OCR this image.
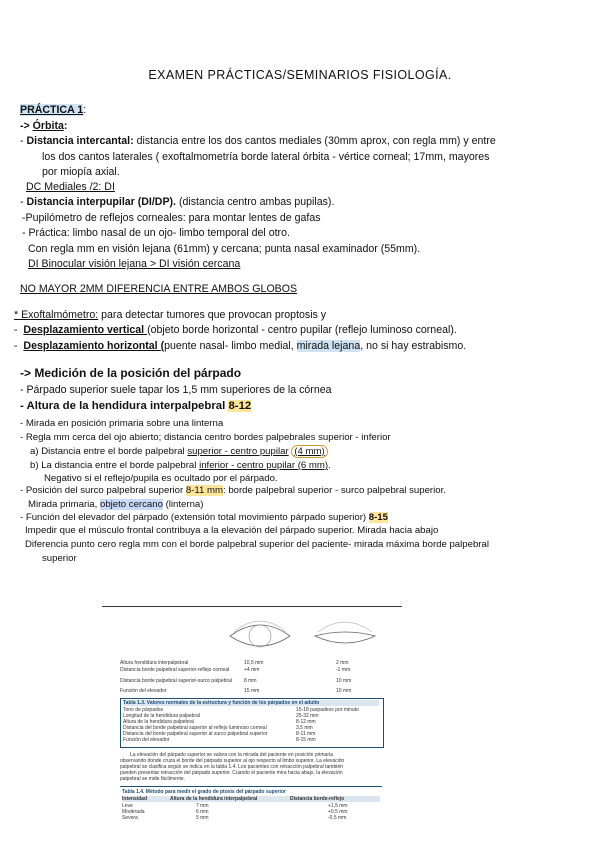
EXAMEN PRÁCTICAS/SEMINARIOS FISIOLOGÍA.
PRÁCTICA 1:
-> Órbita:
- Distancia intercantal: distancia entre los dos cantos mediales (30mm aprox, con regla mm) y entre
los dos cantos laterales ( exoftalmometría borde lateral órbita - vértice corneal; 17mm, mayores
por miopía axial.
DC Mediales /2: DI
- Distancia interpupilar (DI/DP). (distancia centro ambas pupilas).
-Pupilómetro de reflejos corneales: para montar lentes de gafas
- Práctica: limbo nasal de un ojo- limbo temporal del otro.
Con regla mm en visión lejana (61mm) y cercana; punta nasal examinador (55mm).
DI Binocular visión lejana > DI visión cercana
NO MAYOR 2MM DIFERENCIA ENTRE AMBOS GLOBOS
* Exoftalmómetro: para detectar tumores que provocan proptosis y
-  Desplazamiento vertical (objeto borde horizontal - centro pupilar (reflejo luminoso corneal).
-  Desplazamiento horizontal (puente nasal- limbo medial, mirada lejana, no si hay estrabismo.
-> Medición de la posición del párpado
- Párpado superior suele tapar los 1,5 mm superiores de la córnea
- Altura de la hendidura interpalpebral 8-12
- Mirada en posición primaria sobre una linterna
- Regla mm cerca del ojo abierto; distancia centro bordes palpebrales superior - inferior
a) Distancia entre el borde palpebral superior - centro pupilar (4 mm)
b) La distancia entre el borde palpebral inferior - centro pupilar (6 mm).
Negativo si el reflejo/pupila es ocultado por el párpado.
- Posición del surco palpebral superior 8-11 mm: borde palpebral superior - surco palpebral superior.
Mirada primaria, objeto cercano (linterna)
- Función del elevador del párpado (extensión total movimiento párpado superior) 8-15
Impedir que el músculo frontal contribuya a la elevación del párpado superior. Mirada hacia abajo
Diferencia punto cero regla mm con el borde palpebral superior del paciente- mirada máxima borde palpebral
superior
Altura hendidura interpalpebral	10,5 mm	2 mm
Distancia borde palpebral superior-reflejo corneal	+4 mm	-1 mm
Distancia borde palpebral superior-surco palpebral 8 mm	10 mm
Función del elevador	15 mm	10 mm
Tabla 1.3. Valores normales de la estructura y función de los párpados en el adulto
Tono de párpados	15-18 parpadeos por minuto
Longitud de la hendidura palpebral	25-32 mm
Altura de la hendidura palpebral	8-12 mm
Distancia del borde palpebral superior al reflejo luminoso corneal	3,5 mm
Distancia del borde palpebral superior al surco palpebral superior	8-11 mm
Función del elevador	8-15 mm
La elevación del párpado superior se valora con la mirada del paciente en posición primaria
observando donde cruza el borde del párpado superior al ojo respecto al limbo superior. La elevación
palpebral se clasifica según se indica en la tabla 1.4. Los pacientes con retracción palpebral también
pueden presentar retracción del párpado superior. Cuando el paciente mira hacia abajo, la elevación
palpebral se mide fácilmente.
Tabla 1.4. Método para medir el grado de ptosis del párpado superior
Intensidad	Altura de la hendidura interpalpebral	Distancia borde-reflejo
Leve	7 mm	+1,5 mm
Moderada	6 mm	+0,5 mm
Severa	5 mm	-0,5 mm
